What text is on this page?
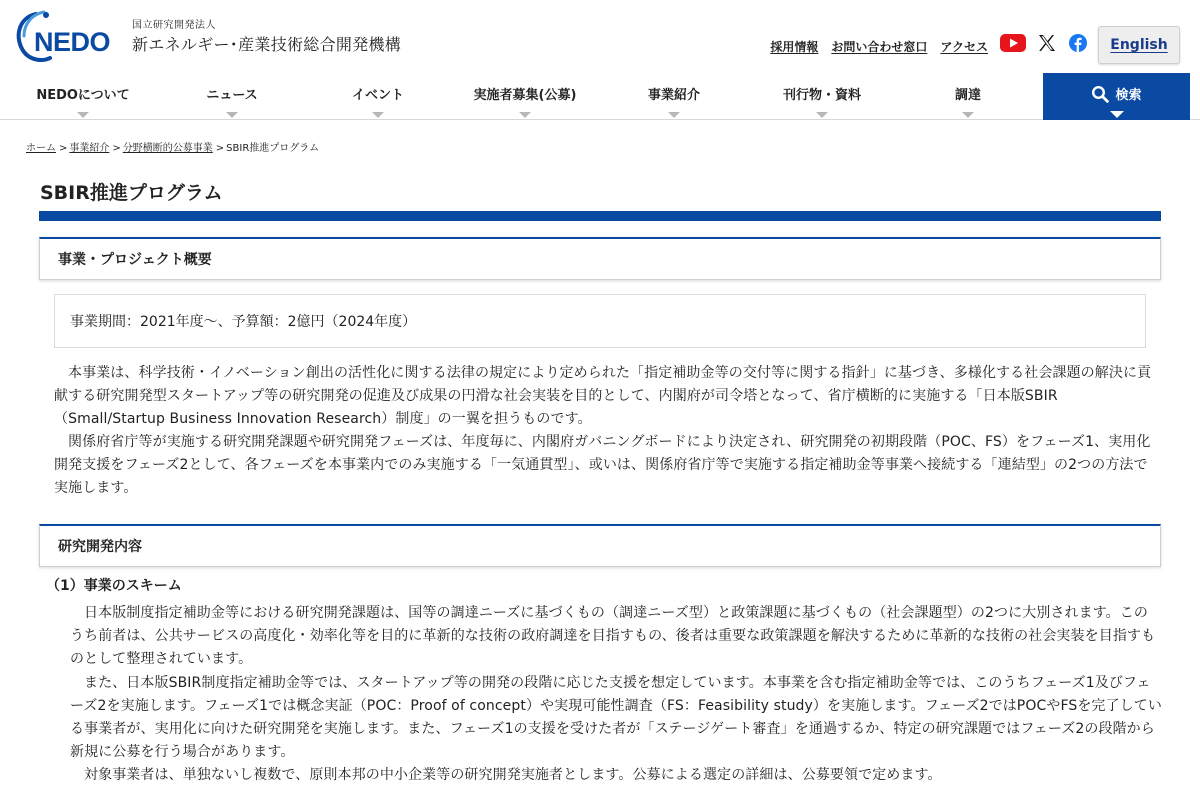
NEDO
国立研究開発法人
新エネルギー･産業技術総合開発機構	採用情報 お問い合わせ窓口 アクセス	English
NEDOについて	ニュース	イベント	実施者募集(公募)	事業紹介	刊行物・資料	調達	検索
ホーム > 事業紹介 > 分野横断的公募事業 > SBIR推進プログラム
SBIR推進プログラム
事業・プロジェクト概要
事業期間：2021年度〜、予算額：2億円（2024年度）

本事業は、科学技術・イノベーション創出の活性化に関する法律の規定により定められた「指定補助金等の交付等に関する指針」に基づき、多様化する社会課題の解決に貢献する研究開発型スタートアップ等の研究開発の促進及び成果の円滑な社会実装を目的として、内閣府が司令塔となって、省庁横断的に実施する「日本版SBIR（Small/Startup Business Innovation Research）制度」の一翼を担うものです。

関係府省庁等が実施する研究開発課題や研究開発フェーズは、年度毎に、内閣府ガバニングボードにより決定され、研究開発の初期段階（POC、FS）をフェーズ1、実用化開発支援をフェーズ2として、各フェーズを本事業内でのみ実施する「一気通貫型」、或いは、関係府省庁等で実施する指定補助金等事業へ接続する「連結型」の2つの方法で実施します。

研究開発内容
（1）事業のスキーム

日本版制度指定補助金等における研究開発課題は、国等の調達ニーズに基づくもの（調達ニーズ型）と政策課題に基づくもの（社会課題型）の2つに大別されます。このうち前者は、公共サービスの高度化・効率化等を目的に革新的な技術の政府調達を目指すもの、後者は重要な政策課題を解決するために革新的な技術の社会実装を目指すものとして整理されています。

また、日本版SBIR制度指定補助金等では、スタートアップ等の開発の段階に応じた支援を想定しています。本事業を含む指定補助金等では、このうちフェーズ1及びフェーズ2を実施します。フェーズ1では概念実証（POC：Proof of concept）や実現可能性調査（FS：Feasibility study）を実施します。フェーズ2ではPOCやFSを完了している事業者が、実用化に向けた研究開発を実施します。また、フェーズ1の支援を受けた者が「ステージゲート審査」を通過するか、特定の研究課題ではフェーズ2の段階から新規に公募を行う場合があります。

対象事業者は、単独ないし複数で、原則本邦の中小企業等の研究開発実施者とします。公募による選定の詳細は、公募要領で定めます。
